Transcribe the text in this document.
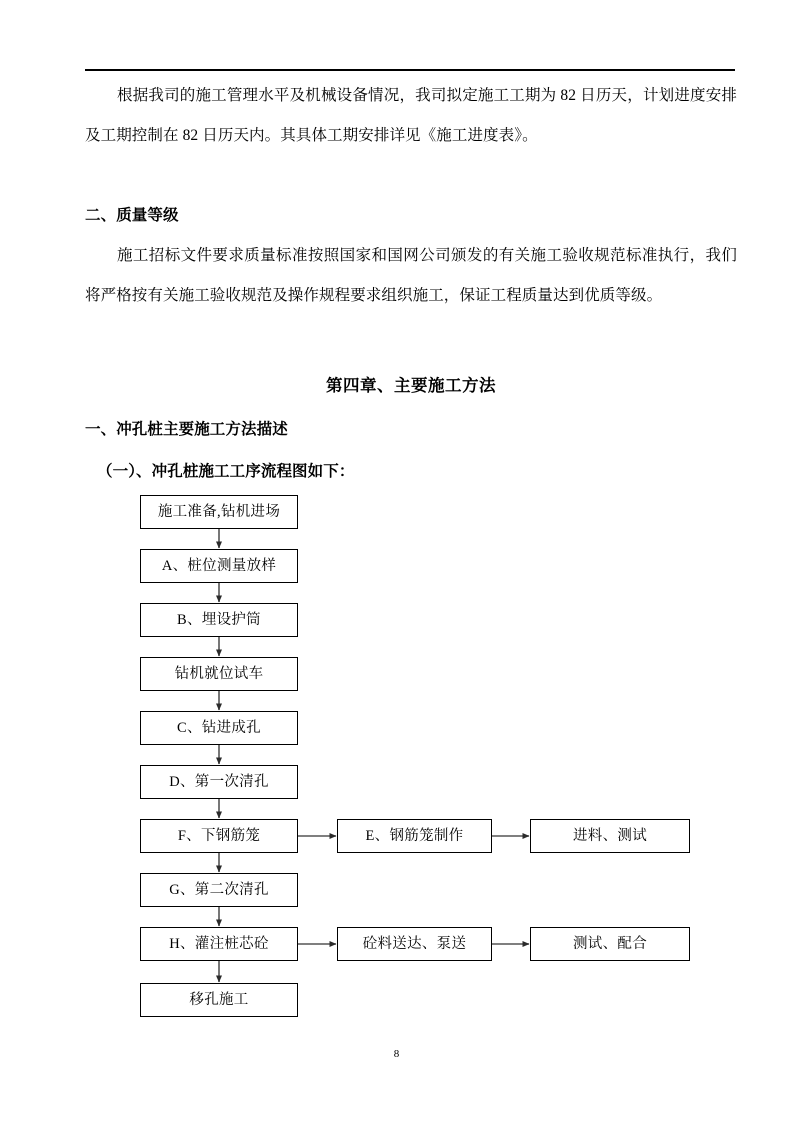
根据我司的施工管理水平及机械设备情况，我司拟定施工工期为 82 日历天，计划进度安排及工期控制在 82 日历天内。其具体工期安排详见《施工进度表》。
二、质量等级
施工招标文件要求质量标准按照国家和国网公司颁发的有关施工验收规范标准执行，我们将严格按有关施工验收规范及操作规程要求组织施工，保证工程质量达到优质等级。
第四章、主要施工方法
一、冲孔桩主要施工方法描述
（一）、冲孔桩施工工序流程图如下：
施工准备,钻机进场
A、桩位测量放样
B、埋设护筒
钻机就位试车
C、钻进成孔
D、第一次清孔
F、下钢筋笼
G、第二次清孔
H、灌注桩芯砼
移孔施工
E、钢筋笼制作	进料、测试
砼料送达、泵送	测试、配合
8
